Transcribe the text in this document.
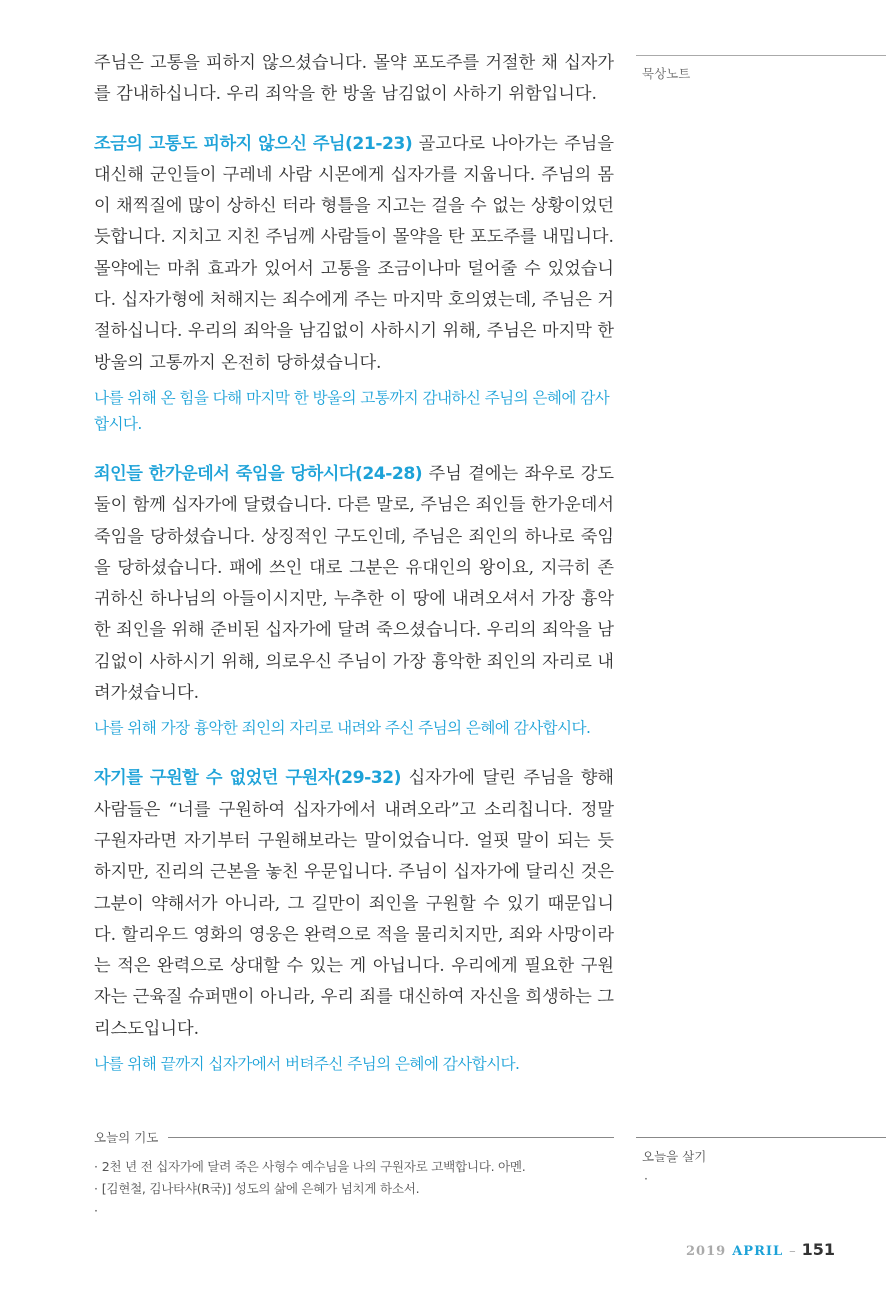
묵상노트

주님은 고통을 피하지 않으셨습니다. 몰약 포도주를 거절한 채 십자가를 감내하십니다. 우리 죄악을 한 방울 남김없이 사하기 위함입니다.

조금의 고통도 피하지 않으신 주님(21-23) 골고다로 나아가는 주님을 대신해 군인들이 구레네 사람 시몬에게 십자가를 지웁니다. 주님의 몸이 채찍질에 많이 상하신 터라 형틀을 지고는 걸을 수 없는 상황이었던 듯합니다. 지치고 지친 주님께 사람들이 몰약을 탄 포도주를 내밉니다. 몰약에는 마취 효과가 있어서 고통을 조금이나마 덜어줄 수 있었습니다. 십자가형에 처해지는 죄수에게 주는 마지막 호의였는데, 주님은 거절하십니다. 우리의 죄악을 남김없이 사하시기 위해, 주님은 마지막 한 방울의 고통까지 온전히 당하셨습니다.

나를 위해 온 힘을 다해 마지막 한 방울의 고통까지 감내하신 주님의 은혜에 감사합시다.

죄인들 한가운데서 죽임을 당하시다(24-28) 주님 곁에는 좌우로 강도 둘이 함께 십자가에 달렸습니다. 다른 말로, 주님은 죄인들 한가운데서 죽임을 당하셨습니다. 상징적인 구도인데, 주님은 죄인의 하나로 죽임을 당하셨습니다. 패에 쓰인 대로 그분은 유대인의 왕이요, 지극히 존귀하신 하나님의 아들이시지만, 누추한 이 땅에 내려오셔서 가장 흉악한 죄인을 위해 준비된 십자가에 달려 죽으셨습니다. 우리의 죄악을 남김없이 사하시기 위해, 의로우신 주님이 가장 흉악한 죄인의 자리로 내려가셨습니다.

나를 위해 가장 흉악한 죄인의 자리로 내려와 주신 주님의 은혜에 감사합시다.

자기를 구원할 수 없었던 구원자(29-32) 십자가에 달린 주님을 향해 사람들은 “너를 구원하여 십자가에서 내려오라”고 소리칩니다. 정말 구원자라면 자기부터 구원해보라는 말이었습니다. 얼핏 말이 되는 듯하지만, 진리의 근본을 놓친 우문입니다. 주님이 십자가에 달리신 것은 그분이 약해서가 아니라, 그 길만이 죄인을 구원할 수 있기 때문입니다. 할리우드 영화의 영웅은 완력으로 적을 물리치지만, 죄와 사망이라는 적은 완력으로 상대할 수 있는 게 아닙니다. 우리에게 필요한 구원자는 근육질 슈퍼맨이 아니라, 우리 죄를 대신하여 자신을 희생하는 그리스도입니다.

나를 위해 끝까지 십자가에서 버텨주신 주님의 은혜에 감사합시다.

오늘의 기도
· 2천 년 전 십자가에 달려 죽은 사형수 예수님을 나의 구원자로 고백합니다. 아멘.
· [김현철, 김나타샤(R국)] 성도의 삶에 은혜가 넘치게 하소서.
·
오늘을 살기
·
2019 APRIL – 151
